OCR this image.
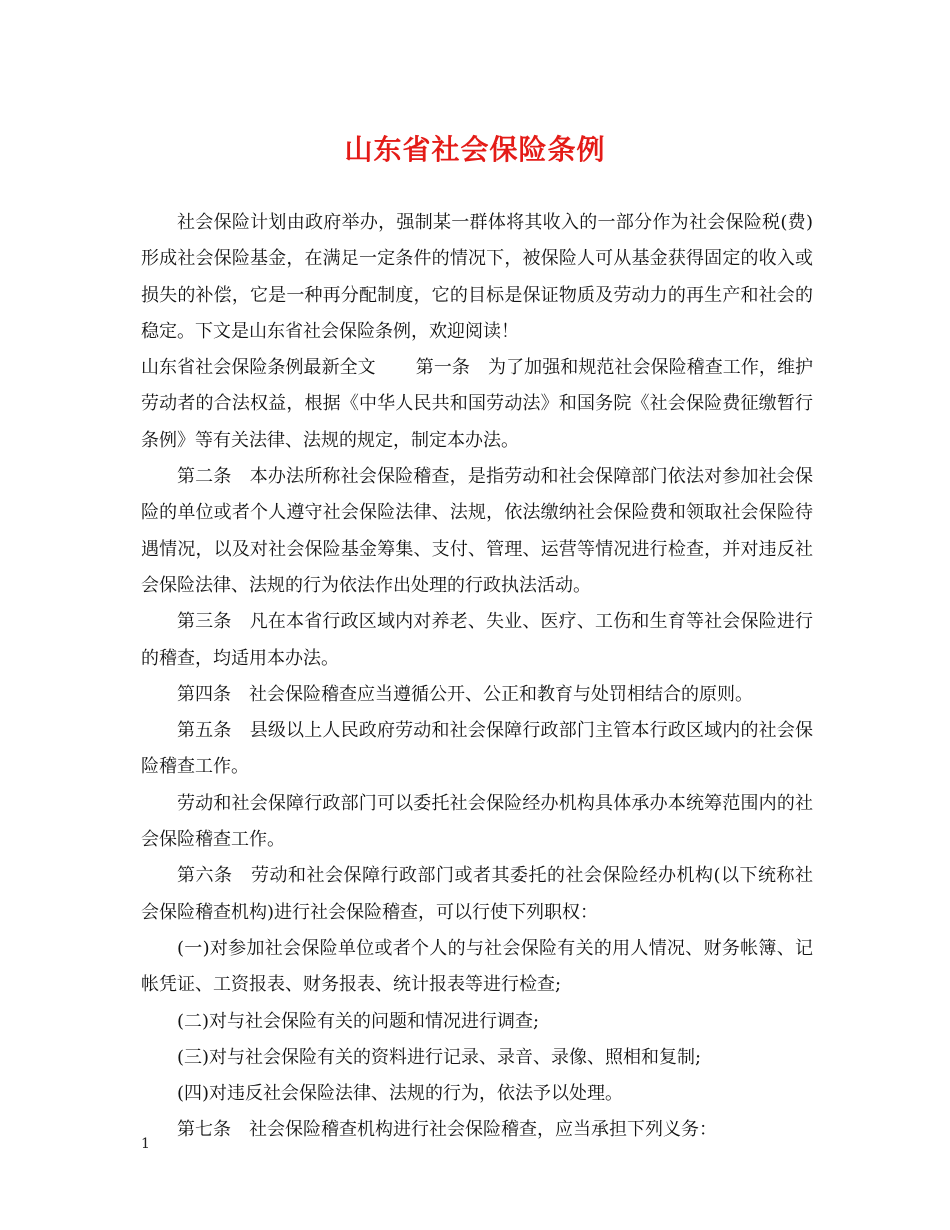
山东省社会保险条例

社会保险计划由政府举办，强制某一群体将其收入的一部分作为社会保险税(费)形成社会保险基金，在满足一定条件的情况下，被保险人可从基金获得固定的收入或损失的补偿，它是一种再分配制度，它的目标是保证物质及劳动力的再生产和社会的稳定。下文是山东省社会保险条例，欢迎阅读！

山东省社会保险条例最新全文 第一条　为了加强和规范社会保险稽查工作，维护劳动者的合法权益，根据《中华人民共和国劳动法》和国务院《社会保险费征缴暂行条例》等有关法律、法规的规定，制定本办法。

第二条　本办法所称社会保险稽查，是指劳动和社会保障部门依法对参加社会保险的单位或者个人遵守社会保险法律、法规，依法缴纳社会保险费和领取社会保险待遇情况，以及对社会保险基金筹集、支付、管理、运营等情况进行检查，并对违反社会保险法律、法规的行为依法作出处理的行政执法活动。

第三条　凡在本省行政区域内对养老、失业、医疗、工伤和生育等社会保险进行的稽查，均适用本办法。

第四条　社会保险稽查应当遵循公开、公正和教育与处罚相结合的原则。

第五条　县级以上人民政府劳动和社会保障行政部门主管本行政区域内的社会保险稽查工作。

劳动和社会保障行政部门可以委托社会保险经办机构具体承办本统筹范围内的社会保险稽查工作。

第六条　劳动和社会保障行政部门或者其委托的社会保险经办机构(以下统称社会保险稽查机构)进行社会保险稽查，可以行使下列职权：

(一)对参加社会保险单位或者个人的与社会保险有关的用人情况、财务帐簿、记帐凭证、工资报表、财务报表、统计报表等进行检查;

(二)对与社会保险有关的问题和情况进行调查;

(三)对与社会保险有关的资料进行记录、录音、录像、照相和复制;

(四)对违反社会保险法律、法规的行为，依法予以处理。

第七条　社会保险稽查机构进行社会保险稽查，应当承担下列义务：

1
